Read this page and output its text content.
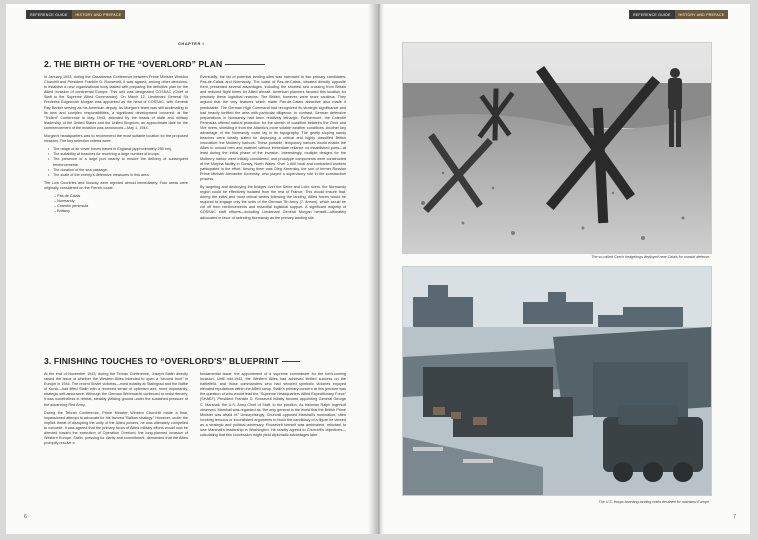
REFERENCE GUIDE	HISTORY AND PREFACE
CHAPTER I
2. THE BIRTH OF THE “OVERLORD” PLAN

In January 1943, during the Casablanca Conference between Prime Minister Winston Churchill and President Franklin D. Roosevelt, it was agreed, among other decisions, to establish a new organizational body tasked with preparing the definitive plan for the Allied invasion of continental Europe. This unit was designated COSSAC (Chief of Staff to the Supreme Allied Commander). On March 12, Lieutenant General Sir Frederick Edgeworth Morgan was appointed as the head of COSSAC, with General Ray Barker serving as his American deputy. As Morgan's team was still acclimating to its new and complex responsibilities, a significant development occurred: at the “Trident” Conference in May 1943, attended by the heads of state and military leadership of the United States and the United Kingdom, an approximate date for the commencement of the invasion was announced—May 1, 1944.

Morgan's headquarters was to recommend the most suitable location for the proposed invasion. The key selection criteria were:

• The range of air cover forces based in England (approximately 250 km).
• The suitability of beaches for receiving a large number of troops.
• The presence of a large port nearby to ensure the delivery of subsequent reinforcements.
• The duration of the sea passage.
• The scale of the enemy's defensive measures in this area.

The Low Countries and Norway were rejected almost immediately. Four areas were originally considered on the French coast:

– Pas de Calais
– Normandy
– Cotentin peninsula
– Brittany

Eventually, the list of potential landing sites was narrowed to two primary candidates: Pas-de-Calais and Normandy. The coast of Pas-de-Calais, situated directly opposite Kent, presented several advantages, including the shortest sea crossing from Britain and reduced flight times for Allied aircraft. American planners favored this location for precisely these logistical reasons. The British, however, were more cautious. They argued that the very features which made Pas-de-Calais attractive also made it predictable. The German High Command had recognized its strategic significance and had heavily fortified the area with particular diligence. In contrast, German defensive preparations in Normandy had been relatively lethargic. Furthermore, the Cotentin Peninsula offered natural protection for the stretch of coastline between the Orne and Vire rivers, shielding it from the Atlantic's more volatile weather conditions. Another key advantage of the Normandy coast lay in its topography. The gently sloping sandy beaches were ideally suited for deploying a critical and highly classified British innovation: the Mulberry harbors. These portable, temporary harbors would enable the Allies to unload men and materiel without immediate reliance on established ports—at least during the initial phase of the invasion. Interestingly, multiple designs for the Mulberry harbor were initially considered, and prototype components were constructed at the Morpha facility in Conwy, North Wales. Over 1,000 local and contracted workers participated in the effort. Among them was Oleg Kerensky, the son of former Russian Prime Minister Alexander Kerensky, who played a supervisory role in the construction process.

By targeting and destroying the bridges over the Seine and Loire rivers, the Normandy region could be effectively isolated from the rest of France. This would ensure that, during the initial and most critical weeks following the landing, Allied forces would be required to engage only the units of the German 7th Army (7. Armee), which would be cut off from reinforcements and essential logistical support. A significant majority of COSSAC staff officers—including Lieutenant General Morgan himself—ultimately advocated in favor of selecting Normandy as the primary landing site.

3. FINISHING TOUCHES TO “OVERLORD'S” BLUEPRINT

At the end of November 1943, during the Tehran Conference, Joseph Stalin directly raised the issue of whether the Western Allies intended to open a “second front” in Europe in 1944. The recent Soviet victories—most notably at Stalingrad and the Battle of Kursk—had lifted Stalin with a renewed sense of optimism and, more importantly, strategic self-assurance. Although the German Wehrmacht continued to resist fiercely, it was nonetheless in retreat, steadily yielding ground under the sustained pressure of the advancing Red Army.

During the Tehran Conference, Prime Minister Winston Churchill made a final, impassioned attempt to advocate for his favored “Balkan strategy.” However, under the implicit threat of disrupting the unity of the Allied powers, he was ultimately compelled to concede. It was agreed that the primary focus of Allied military efforts would now be directed toward the execution of Operation Overlord, the long-planned invasion of Western Europe. Stalin, pressing for clarity and commitment, demanded that the Allies promptly resolve a

fundamental issue: the appointment of a supreme commander for the forth-coming invasion. Until mid-1942, the Western Allies had achieved limited success on the battlefield, and those commanders who had secured symbolic victories enjoyed elevated reputations within the Allied camp. Stalin's primary concern at this juncture was the question of who would lead the “Supreme Headquarters Allied Expeditionary Force” (SHAEF). President Franklin D. Roosevelt initially favored appointing General George C. Marshall, the U.S. Army Chief of Staff, to the position. As historian Ralph Ingersoll observed, Marshall was regarded as “the only general in the world that the British Prime Minister was afraid of.” Unsurprisingly, Churchill opposed Marshall's nomination, often invoking tenuous or inconsistent arguments to block the candidacy of a figure he viewed as a strategic and political adversary. Roosevelt himself was ambivalent, reluctant to lose Marshall's leadership in Washington. He readily agreed to Churchill's objections—calculating that this concession might yield diplomatic advantages later.

6
REFERENCE GUIDE	HISTORY AND PREFACE
The so-called Czech hedgehogs deployed near Calais for coastal defense.
The U.S. troops boarding landing crafts destined for mainland Europe.
7
